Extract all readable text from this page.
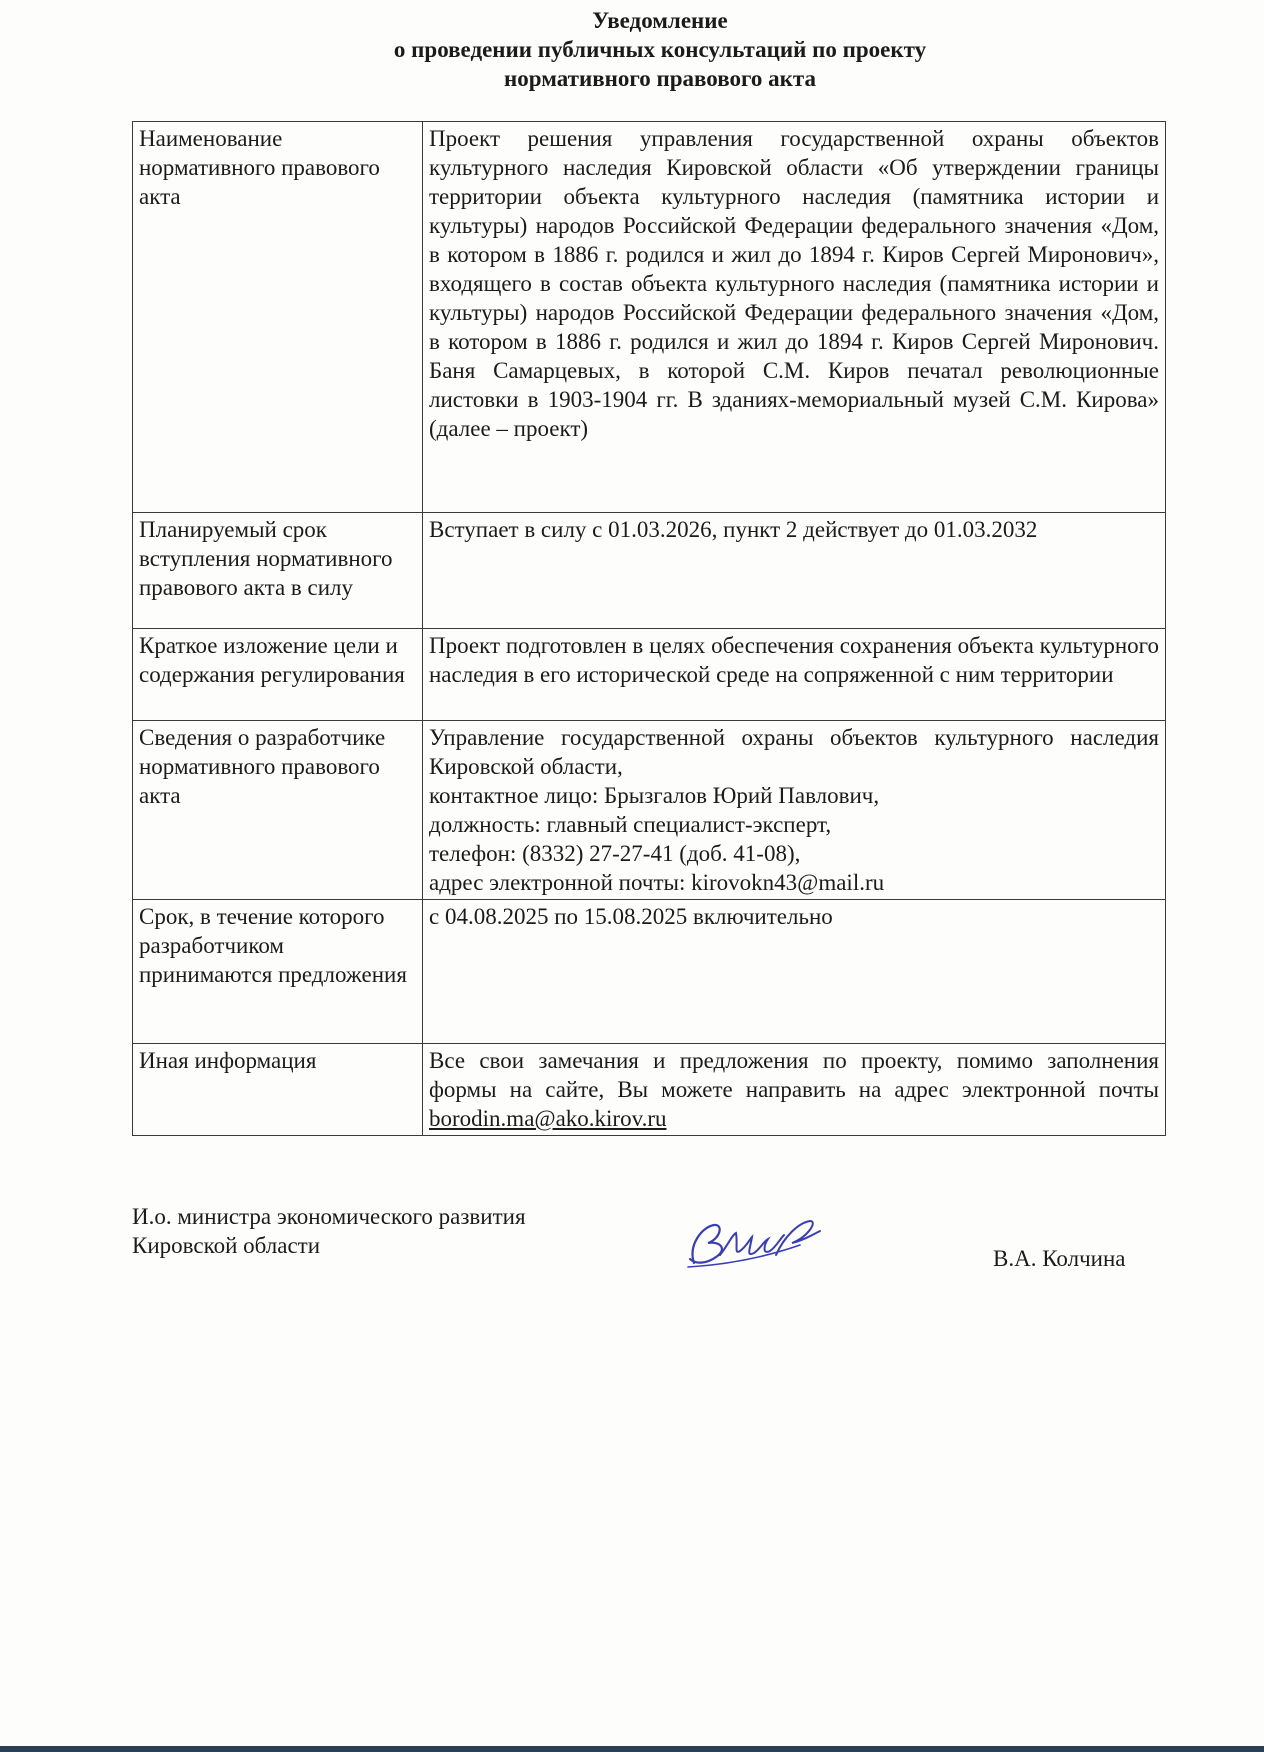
Уведомление
о проведении публичных консультаций по проекту
нормативного правового акта
Наименование нормативного правового акта	Проект решения управления государственной охраны объектов культурного наследия Кировской области «Об утверждении границы территории объекта культурного наследия (памятника истории и культуры) народов Российской Федерации федерального значения «Дом, в котором в 1886 г. родился и жил до 1894 г. Киров Сергей Миронович», входящего в состав объекта культурного наследия (памятника истории и культуры) народов Российской Федерации федерального значения «Дом, в котором в 1886 г. родился и жил до 1894 г. Киров Сергей Миронович. Баня Самарцевых, в которой С.М. Киров печатал революционные листовки в 1903-1904 гг. В зданиях-мемориальный музей С.М. Кирова» (далее – проект)
Планируемый срок вступления нормативного правового акта в силу	Вступает в силу с 01.03.2026, пункт 2 действует до 01.03.2032
Краткое изложение цели и содержания регулирования	Проект подготовлен в целях обеспечения сохранения объекта культурного наследия в его исторической среде на сопряженной с ним территории
Сведения о разработчике нормативного правового акта	Управление государственной охраны объектов культурного наследия Кировской области,
контактное лицо: Брызгалов Юрий Павлович,
должность: главный специалист-эксперт,
телефон: (8332) 27-27-41 (доб. 41-08),
адрес электронной почты: kirovokn43@mail.ru

Срок, в течение которого разработчиком принимаются предложения	с 04.08.2025 по 15.08.2025 включительно
Иная информация	Все свои замечания и предложения по проекту, помимо заполнения формы на сайте, Вы можете направить на адрес электронной почты borodin.ma@ako.kirov.ru
И.о. министра экономического развития
Кировской области
В.А. Колчина
